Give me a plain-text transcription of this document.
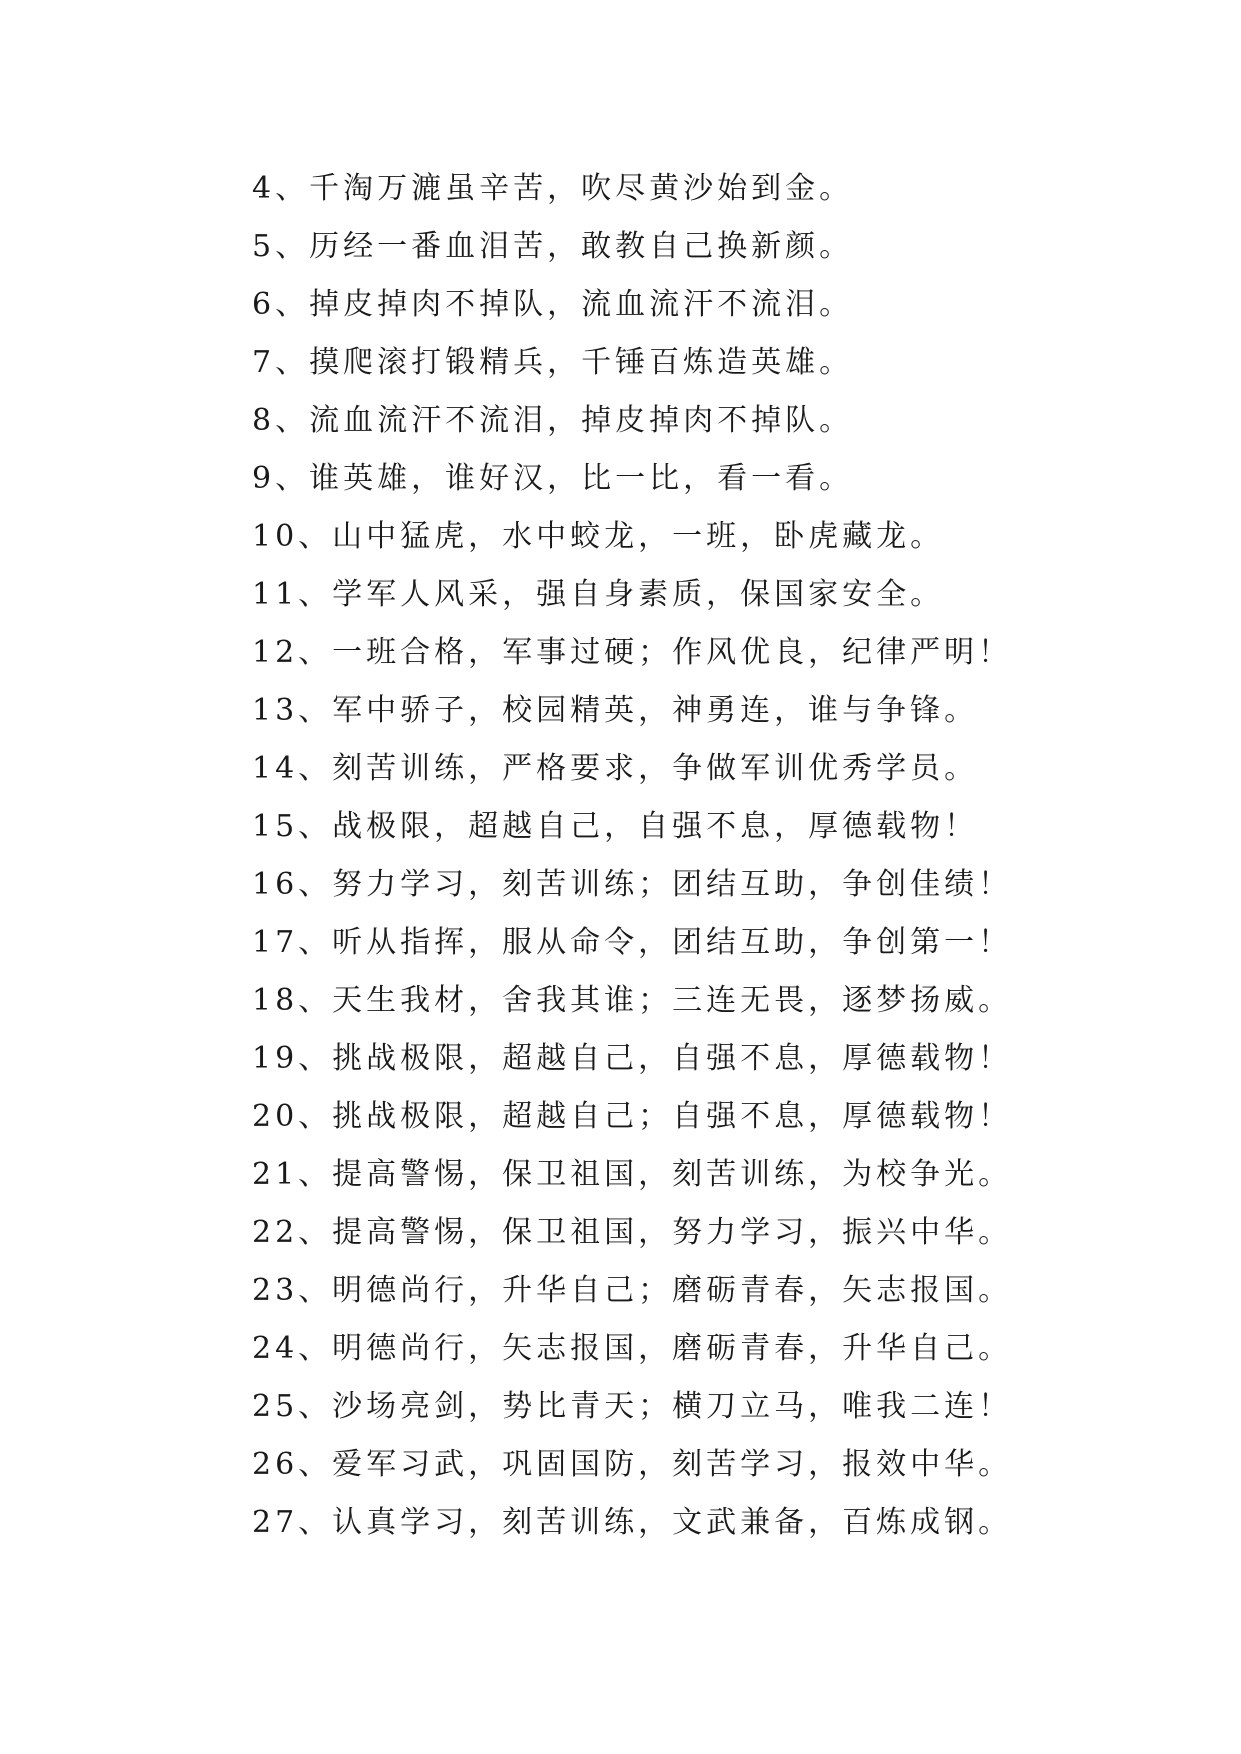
4、千淘万漉虽辛苦，吹尽黄沙始到金。
5、历经一番血泪苦，敢教自己换新颜。
6、掉皮掉肉不掉队，流血流汗不流泪。
7、摸爬滚打锻精兵，千锤百炼造英雄。
8、流血流汗不流泪，掉皮掉肉不掉队。
9、谁英雄，谁好汉，比一比，看一看。
10、山中猛虎，水中蛟龙，一班，卧虎藏龙。
11、学军人风采，强自身素质，保国家安全。
12、一班合格，军事过硬；作风优良，纪律严明！
13、军中骄子，校园精英，神勇连，谁与争锋。
14、刻苦训练，严格要求，争做军训优秀学员。
15、战极限，超越自己，自强不息，厚德载物！
16、努力学习，刻苦训练；团结互助，争创佳绩！
17、听从指挥，服从命令，团结互助，争创第一！
18、天生我材，舍我其谁；三连无畏，逐梦扬威。
19、挑战极限，超越自己，自强不息，厚德载物！
20、挑战极限，超越自己；自强不息，厚德载物！
21、提高警惕，保卫祖国，刻苦训练，为校争光。
22、提高警惕，保卫祖国，努力学习，振兴中华。
23、明德尚行，升华自己；磨砺青春，矢志报国。
24、明德尚行，矢志报国，磨砺青春，升华自己。
25、沙场亮剑，势比青天；横刀立马，唯我二连！
26、爱军习武，巩固国防，刻苦学习，报效中华。
27、认真学习，刻苦训练，文武兼备，百炼成钢。
